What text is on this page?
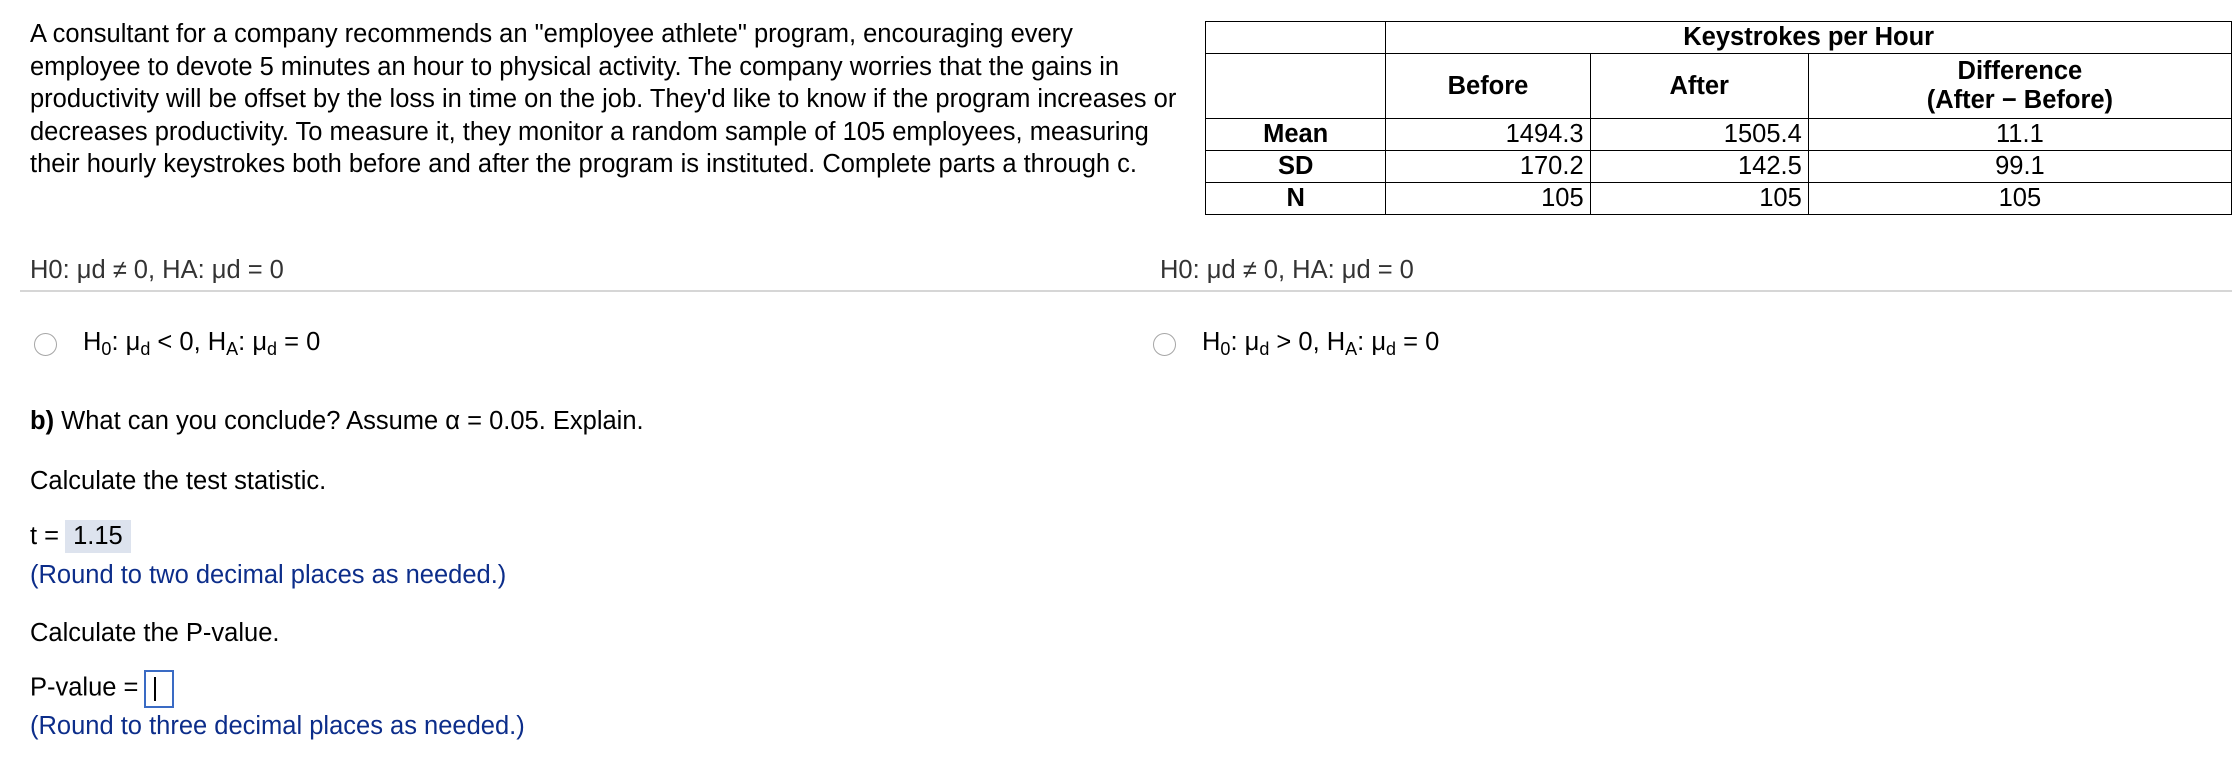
A consultant for a company recommends an "employee athlete" program, encouraging every
employee to devote 5 minutes an hour to physical activity. The company worries that the gains in
productivity will be offset by the loss in time on the job. They'd like to know if the program increases or
decreases productivity. To measure it, they monitor a random sample of 105 employees, measuring
their hourly keystrokes both before and after the program is instituted. Complete parts a through c.
	Keystrokes per Hour		
	Before	After	Difference
(After − Before)

Mean	1494.3	1505.4	11.1
SD	170.2	142.5	99.1
N	105	105	105
H0: μd ≠ 0, HA: μd = 0	H0: μd ≠ 0, HA: μd = 0
$H_0$: $\mu_d < 0$, $H_A$: $\mu_d = 0$	$H_0$: $\mu_d > 0$, $H_A$: $\mu_d = 0$
b) What can you conclude? Assume α = 0.05. Explain.
Calculate the test statistic.
t = 1.15
(Round to two decimal places as needed.)
Calculate the P-value.
P-value =
(Round to three decimal places as needed.)
